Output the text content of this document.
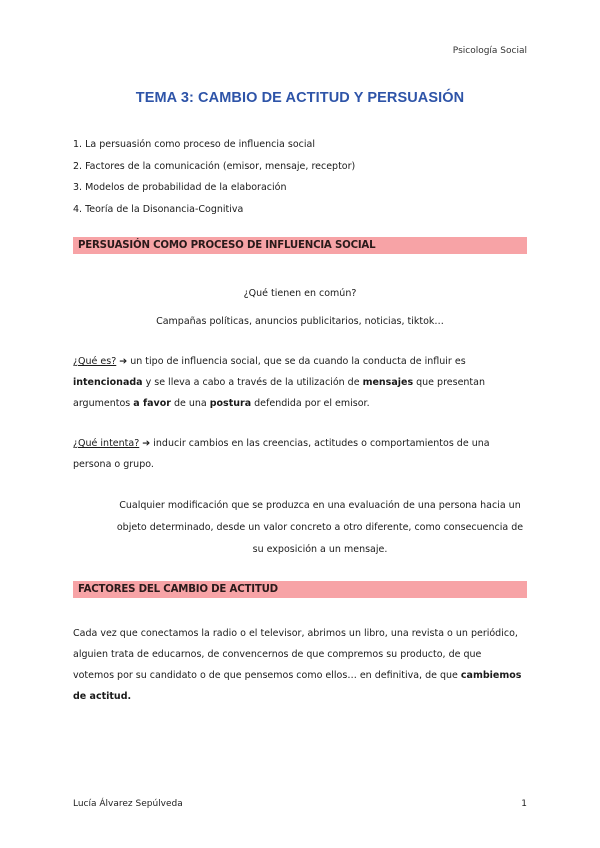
Psicología Social
TEMA 3: CAMBIO DE ACTITUD Y PERSUASIÓN
1. La persuasión como proceso de influencia social
2. Factores de la comunicación (emisor, mensaje, receptor)
3. Modelos de probabilidad de la elaboración
4. Teoría de la Disonancia-Cognitiva
PERSUASIÓN COMO PROCESO DE INFLUENCIA SOCIAL
¿Qué tienen en común?
Campañas políticas, anuncios publicitarios, noticias, tiktok…
¿Qué es? ➔ un tipo de influencia social, que se da cuando la conducta de influir es
intencionada y se lleva a cabo a través de la utilización de mensajes que presentan
argumentos a favor de una postura defendida por el emisor.
¿Qué intenta? ➔ inducir cambios en las creencias, actitudes o comportamientos de una
persona o grupo.
Cualquier modificación que se produzca en una evaluación de una persona hacia un
objeto determinado, desde un valor concreto a otro diferente, como consecuencia de
su exposición a un mensaje.
FACTORES DEL CAMBIO DE ACTITUD
Cada vez que conectamos la radio o el televisor, abrimos un libro, una revista o un periódico,
alguien trata de educarnos, de convencernos de que compremos su producto, de que
votemos por su candidato o de que pensemos como ellos… en definitiva, de que cambiemos
de actitud.
Lucía Álvarez Sepúlveda	1
